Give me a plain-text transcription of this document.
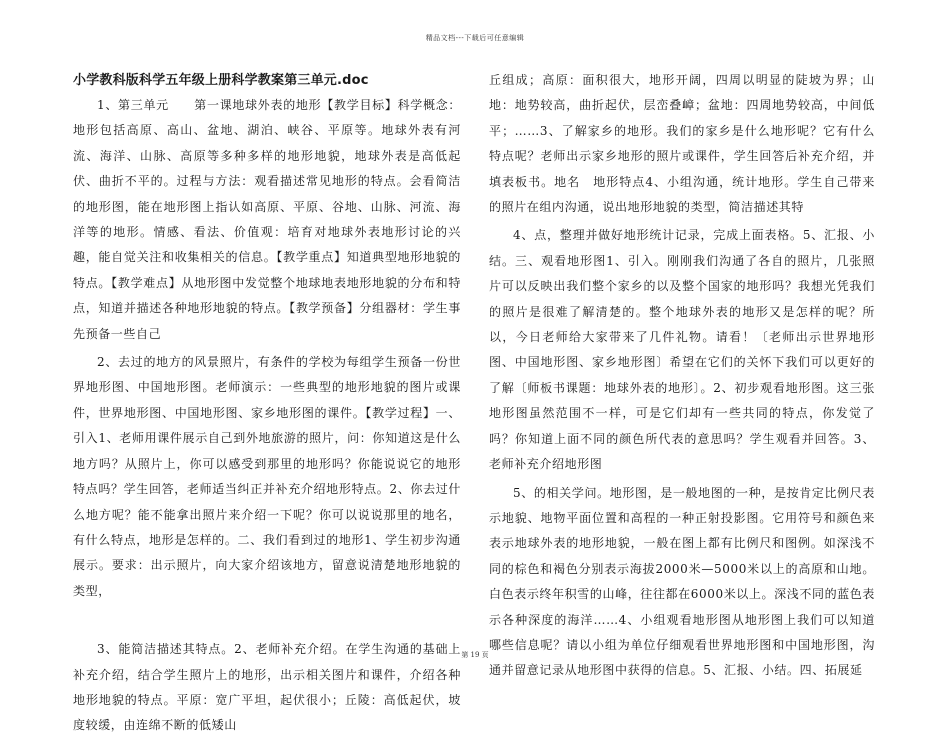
精品文档---下载后可任意编辑
小学教科版科学五年级上册科学教案第三单元.doc

1、第三单元　　第一课地球外表的地形【教学目标】科学概念：地形包括高原、高山、盆地、湖泊、峡谷、平原等。地球外表有河流、海洋、山脉、高原等多种多样的地形地貌，地球外表是高低起伏、曲折不平的。过程与方法：观看描述常见地形的特点。会看简洁的地形图，能在地形图上指认如高原、平原、谷地、山脉、河流、海洋等的地形。情感、看法、价值观：培育对地球外表地形讨论的兴趣，能自觉关注和收集相关的信息。【教学重点】知道典型地形地貌的特点。【教学难点】从地形图中发觉整个地球地表地形地貌的分布和特点，知道并描述各种地形地貌的特点。【教学预备】分组器材：学生事先预备一些自己

2、去过的地方的风景照片，有条件的学校为每组学生预备一份世界地形图、中国地形图。老师演示：一些典型的地形地貌的图片或课件，世界地形图、中国地形图、家乡地形图的课件。【教学过程】一、引入1、老师用课件展示自己到外地旅游的照片，问：你知道这是什么地方吗？从照片上，你可以感受到那里的地形吗？你能说说它的地形特点吗？学生回答，老师适当纠正并补充介绍地形特点。2、你去过什么地方呢？能不能拿出照片来介绍一下呢？你可以说说那里的地名，有什么特点，地形是怎样的。二、我们看到过的地形1、学生初步沟通展示。要求：出示照片，向大家介绍该地方，留意说清楚地形地貌的类型，

3、能简洁描述其特点。2、老师补充介绍。在学生沟通的基础上补充介绍，结合学生照片上的地形，出示相关图片和课件，介绍各种地形地貌的特点。平原：宽广平坦，起伏很小；丘陵：高低起伏，坡度较缓，由连绵不断的低矮山

丘组成；高原：面积很大，地形开阔，四周以明显的陡坡为界；山地：地势较高，曲折起伏，层峦叠嶂；盆地：四周地势较高，中间低平；……3、了解家乡的地形。我们的家乡是什么地形呢？它有什么特点呢？老师出示家乡地形的照片或课件，学生回答后补充介绍，并填表板书。地名　地形特点4、小组沟通，统计地形。学生自己带来的照片在组内沟通，说出地形地貌的类型，简洁描述其特

4、点，整理并做好地形统计记录，完成上面表格。5、汇报、小结。三、观看地形图1、引入。刚刚我们沟通了各自的照片，几张照片可以反映出我们整个家乡的以及整个国家的地形吗？我想光凭我们的照片是很难了解清楚的。整个地球外表的地形又是怎样的呢？所以，今日老师给大家带来了几件礼物。请看！〔老师出示世界地形图、中国地形图、家乡地形图〕希望在它们的关怀下我们可以更好的了解〔师板书课题：地球外表的地形〕。2、初步观看地形图。这三张地形图虽然范围不一样，可是它们却有一些共同的特点，你发觉了吗？你知道上面不同的颜色所代表的意思吗？学生观看并回答。3、老师补充介绍地形图

5、的相关学问。地形图，是一般地图的一种，是按肯定比例尺表示地貌、地物平面位置和高程的一种正射投影图。它用符号和颜色来表示地球外表的地形地貌，一般在图上都有比例尺和图例。如深浅不同的棕色和褐色分别表示海拔2000米—5000米以上的高原和山地。白色表示终年积雪的山峰，往往都在6000米以上。深浅不同的蓝色表示各种深度的海洋……4、小组观看地形图从地形图上我们可以知道哪些信息呢？请以小组为单位仔细观看世界地形图和中国地形图，沟通并留意记录从地形图中获得的信息。5、汇报、小结。四、拓展延

第 19 页
